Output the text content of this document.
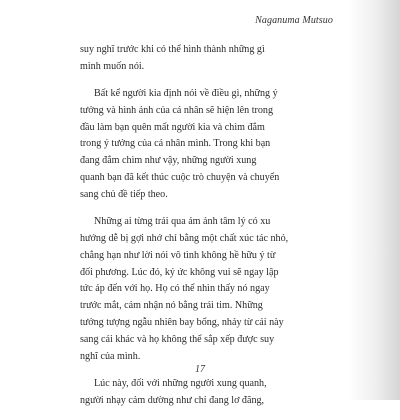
Naganuma Mutsuo

suy nghĩ trước khi có thể hình thành những gì
mình muốn nói.

Bất kể người kia định nói về điều gì, những ý
tưởng và hình ảnh của cá nhân sẽ hiện lên trong
đầu làm bạn quên mất người kia và chìm đắm
trong ý tưởng của cá nhân mình. Trong khi bạn
đang đắm chìm như vậy, những người xung
quanh bạn đã kết thúc cuộc trò chuyện và chuyển
sang chủ đề tiếp theo.

Những ai từng trải qua ám ảnh tâm lý có xu
hướng dễ bị gợi nhớ chỉ bằng một chất xúc tác nhỏ,
chẳng hạn như lời nói vô tình không hề hữu ý từ
đối phương. Lúc đó, ký ức không vui sẽ ngay lập
tức áp đến với họ. Họ có thể nhìn thấy nó ngay
trước mắt, cảm nhận nó bằng trái tim. Những
tưởng tượng ngẫu nhiên bay bổng, nhảy từ cái này
sang cái khác và họ không thể sắp xếp được suy
nghĩ của mình.

Lúc này, đối với những người xung quanh,
người nhạy cảm dường như chỉ đang lơ đãng,

17
